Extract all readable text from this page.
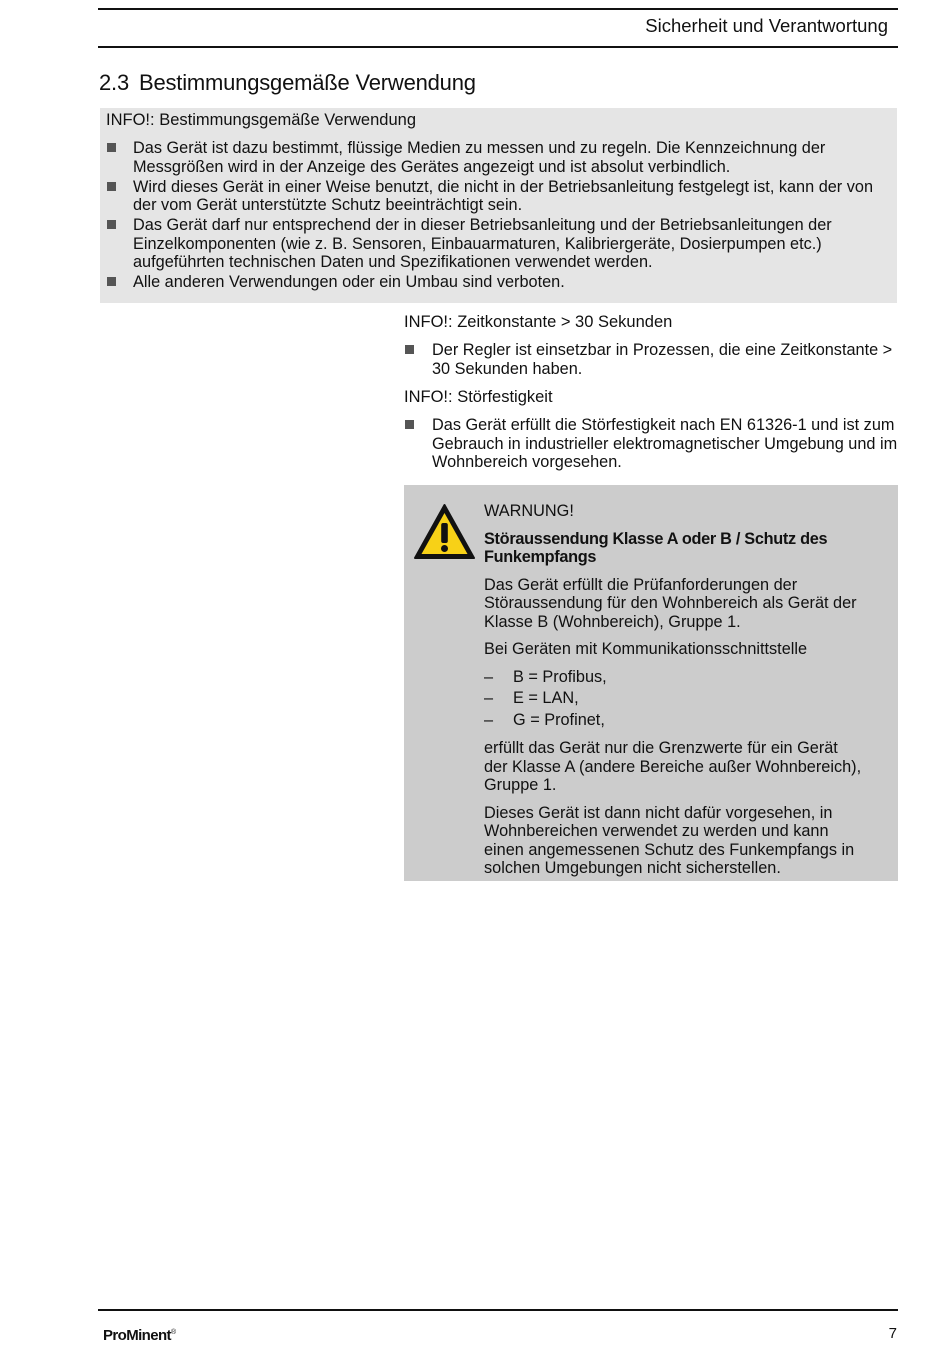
Sicherheit und Verantwortung
2.3 Bestimmungsgemäße Verwendung
INFO!: Bestimmungsgemäße Verwendung
Das Gerät ist dazu bestimmt, flüssige Medien zu messen und zu regeln. Die Kennzeichnung der Messgrößen wird in der Anzeige des Gerätes angezeigt und ist absolut verbindlich.
Wird dieses Gerät in einer Weise benutzt, die nicht in der Betriebsanleitung festgelegt ist, kann der von der vom Gerät unterstützte Schutz beeinträchtigt sein.
Das Gerät darf nur entsprechend der in dieser Betriebsanleitung und der Betriebsanleitungen der Einzelkomponenten (wie z. B. Sensoren, Einbauarmaturen, Kalibriergeräte, Dosierpumpen etc.) aufgeführten technischen Daten und Spezifikationen verwendet werden.
Alle anderen Verwendungen oder ein Umbau sind verboten.
INFO!: Zeitkonstante > 30 Sekunden
Der Regler ist einsetzbar in Prozessen, die eine Zeitkonstante > 30 Sekunden haben.
INFO!: Störfestigkeit
Das Gerät erfüllt die Störfestigkeit nach EN 61326-1 und ist zum Gebrauch in industrieller elektromagnetischer Umgebung und im Wohnbereich vorgesehen.

WARNUNG!

Störaussendung Klasse A oder B / Schutz des Funkempfangs

Das Gerät erfüllt die Prüfanforderungen der Störaussendung für den Wohnbereich als Gerät der Klasse B (Wohnbereich), Gruppe 1.

Bei Geräten mit Kommunikationsschnittstelle

– B = Profibus,
– E = LAN,
– G = Profinet,

erfüllt das Gerät nur die Grenzwerte für ein Gerät der Klasse A (andere Bereiche außer Wohnbereich), Gruppe 1.

Dieses Gerät ist dann nicht dafür vorgesehen, in Wohnbereichen verwendet zu werden und kann einen angemessenen Schutz des Funkempfangs in solchen Umgebungen nicht sicherstellen.

ProMinent®	7
